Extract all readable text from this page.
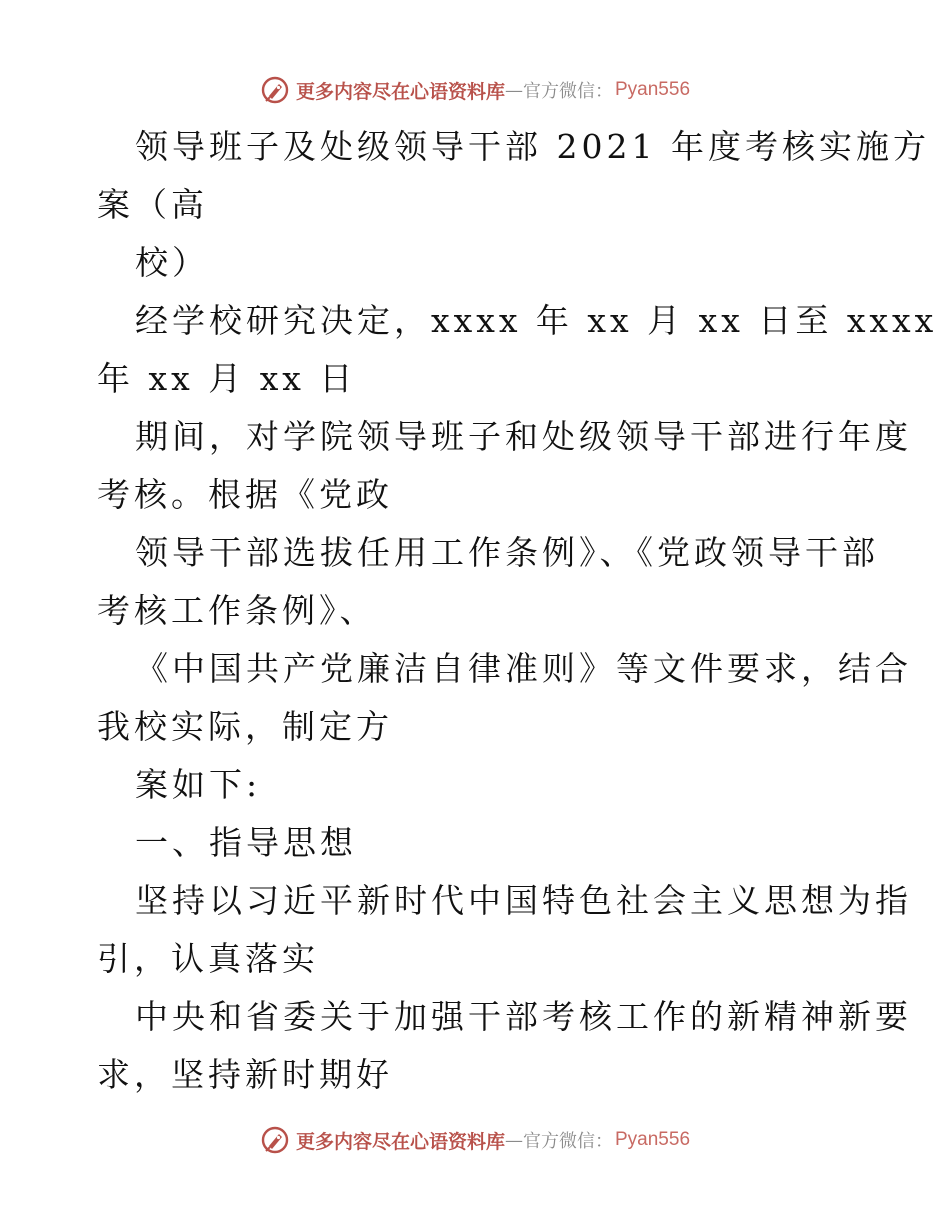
更多内容尽在心语资料库 — 官方微信： Pyan556
领导班子及处级领导干部 2021 年度考核实施方
案（高
校）
经学校研究决定，xxxx 年 xx 月 xx 日至 xxxx
年 xx 月 xx 日
期间，对学院领导班子和处级领导干部进行年度
考核。根据《党政
领导干部选拔任用工作条例》、《党政领导干部
考核工作条例》、
《中国共产党廉洁自律准则》等文件要求，结合
我校实际，制定方
案如下:
一、指导思想
坚持以习近平新时代中国特色社会主义思想为指
引，认真落实
中央和省委关于加强干部考核工作的新精神新要
求，坚持新时期好
更多内容尽在心语资料库 — 官方微信： Pyan556
